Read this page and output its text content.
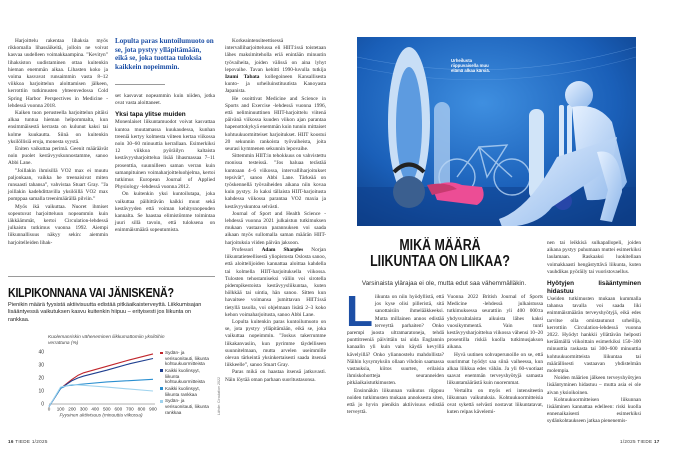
Harjoittelu rakentaa lihaksia myös rikkomalla lihassäikeitä, jolloin ne voivat kasvaa uudelleen voimakkaampina. ”Kevityn” lihaksiston uudistaminen ottaa kuitenkin hieman enemmän aikaa. Lihasten koko ja voima kasvavat runsaimmin vasta 8–12 viikkoa harjoittelun aloittamisen jälkeen, kerrottiin tutkimusten yhteenvedossa Cold Spring Harbor Perspectives in Medicine -lehdessä vuonna 2018.

Kaiken tuon perusteella harjoittelun pitäisi alkaa tuntua hieman helpommalta, kun ensimmäisestä kerrasta on kulunut kaksi tai kolme kuukautta. Siinä on kuitenkin yksilöllisiä eroja, monesta syystä.

Eniten vaikuttaa perimä. Geenit määräävät noin puolet kestävyyskunnostamme, sanoo Abbi Lane.

”Joillakin ihmisillä VO2 max ei muutu paljonkaan, vaikka he treenaisivat miten runsaasti tahansa”, vahvistaa Stuart Gray. ”Ja joillakin kadehdittavilla yksilöillä VO2 max pomppaa samalla treenimäärällä pilviin.”

Myös ikä vaikuttaa. Nuoret ihmiset sopeutuvat harjoitteluun nopeammin kuin iäkkäämmät, kertoi Circulation-lehdessä julkaistu tutkimus vuonna 1992. Aiempi liikunnallisuus näkyy sekin: aiemmin harjoitelleiden lihak-

Lopulta paras kuntoilumuoto on se, jota pystyy ylläpitämään, eikä se, joka tuottaa tuloksia kaikkein nopeimmin.

set kasvavat nopeammin kuin niiden, jotka ovat vasta aloittaneet.

Yksi tapa ylitse muiden

Monenlaiset liikuntamuodot voivat kasvattaa kuntoa muutamassa kuukaudessa, kunhan treeniä kertyy kolmesta viiteen kertaa viikossa noin 30–60 minuuttia kerrallaan. Esimerkiksi 12 viikkoa pyöräilyn kaltaista kestävyysharjoittelua lisää lihasmassaa 7–11 prosenttia, suunnilleen saman verran kuin samanpituinen voimaharjoitteluohjelma, kertoi tutkimus European Journal of Applied Physiology -lehdessä vuonna 2012.

On kuitenkin yksi kuntoilutapa, joka vaikuttaa päihittävän kaikki muut sekä kestävyyden että voiman kehitysnopeuden kannalta. Se haastaa elimistömme toimintaa juuri sillä tavoin, että tuloksena on enimmäismäärä sopeutumista.

Korkeaintensiteettisessä intervalliharjoittelussa eli HIIT:issä toistetaan lähes maksimiteholla eriä enintään minuutin työvaiheita, joiden välissä on aina lyhyt lepovaihe. Tavan kehitti 1990-luvulla tutkija Izumi Tabata kollegoineen Kansallisesta kunto- ja urheiluinstituutista Kanoyasta Japanista.

He osoittivat Medicine and Science in Sports and Exercise -lehdessä vuonna 1996, että neliminuuttinen HIIT-harjoittelu viitenä päivänä viikossa kuuden viikon ajan parantaa hapenottokykyä enemmän kuin tunnin mittaiset kohtuukuormitteiset harjoitukset. HIIT koostui 20 sekunnin rankoista työvaiheista, joita seurasi kymmenen sekunnin lepovaihe.

Sittemmin HIIT:in tehokkuus on vahvistettu monissa testeissä. ”Jos haluaa terästää kuntoaan 4–6 viikossa, intervalliharjoitukset tepsivät”, sanoo Abbi Lane. Tärkeää on työskennellä työvaiheiden aikana niin kovaa kuin pystyy. Jo kaksi tällaista HIIT-harjoitusta kahdessa viikossa parantaa VO2 maxia ja kestävyyskuntoa selvästi.

Journal of Sport and Health Science -lehdessä vuonna 2021 julkaistun tutkimuksen mukaan vastaavan parannuksen voi saada aikaan myös sullomalla saman määrän HIIT-harjoituksia viiden päivän jaksoon.

Professori Adam Sharples Norjan liikuntatieteellisestä yliopistosta Oslosta sanoo, että aloittelijoiden kannattaa aloittaa kahdella tai kolmella HIIT-harjoituksella viikossa. Tulosten tehostamiseksi väliin voi sirotella pidempikestoista kestävyysliikuntaa, kuten hölkkää tai uintia, hän sanoo. Sitten kun havaitsee voimansa jumittavan HIIT:issä tietyllä tasolla, voi ohjelmaan lisätä 2–3 koko kehon voimaharjoitusta, sanoo Abbi Lane.

Lopulta kuitenkin paras kuntoilumuoto on se, jota pystyy ylläpitämään, eikä se, joka vaikuttaa nopeimmin. ”Joskus takerrumme liikakanvasiin, kun pyrimme täydelliseen suunnitelmaan, mutta arvelen useimmille olevan tärkeintä yksinkertaisesti saada itsensä liikkeelle”, sanoo Stuart Gray.

Paras mikä on haastaa itsensä jatkuvasti. Näin löytää oman parhaan suoritustasonsa.

KILPIKONNANA VAI JÄNISKENÄ?
Pienikin määrä fyysistä aktiivisuutta edistää pitkäaikaisterveyttä. Liikkumisajan lisääntyessä vaikutuksen kasvu kuitenkin hiipuu – erityisesti jos liikunta on rankkaa.
Kuolemanriskin väheneminen liikkumattomiin yksilöihin verrattuna (%)
0
10
20
30
40
0 100 200 300 400 500 600 700 800 900
Fyysinen aktiivisuus (minuuttia viikossa)
Sydän- ja verisuonitauti, liikunta kohtuukuormitteista
Kaikki kuolinsyyt, liikunta kohtuukuormitteista
Kaikki kuolinsyyt, liikunta rankkaa
Sydän- ja verisuonitauti, liikunta rankkaa	Lähde: Circulation 2022
16 TIEDE 1/2025
Urheilusta riippuvaisella muu elämä alkaa kärsiä.
MIKÄ MÄÄRÄ
LIIKUNTAA ON LIIKAA?
Varsinaista ylärajaa ei ole, mutta edut saa vähemmälläkin.

Liikunta on niin hyödyllistä, että jos kyse olisi pilleristä, sitä sanottaisiin ihmelääkkeeksi. Mutta millainen annos edistää terveyttä parhaiten? Onko parempi juosta ultramaratoneja, tehdä punttitreeniä päivittäin tai uida Englannin kanaalin yli kuin vain käydä kevyillä kävelyillä? Onko yliannostelu mahdollista? Näihin kysymyksiin ollaan vihdoin saamassa vastauksia, kiitos suurten, erilaisia ihmiskohortteja seuranneiden pitkäaikaistutkimusten.

Ensinnäkin liikunnan vaikutus riippuu noiden tutkimusten mukaan annoksesta siten, että jo hyvin pienikin aktiivisuus edistää terveyttä.

Vuonna 2022 British Journal of Sports Medicine -lehdessä julkaistussa tutkimuksessa seurattiin yli 400 000:ta yhdysvaltalaista aikuista lähes kaksi vuosikymmentä. Vain tunti kestävyysharjoittelua viikossa vähensi 10–20 prosentilla riskiä kuolla tutkimusjakson aikana.

Hyvä uutinen sohvaperunoille on se, että suurimmat hyödyt saa siinä vaiheessa, kun alkaa liikkua edes vähän. Ja yli 60-vuotiaat saavat enemmän terveyshyötyjä samasta liikuntamäärästä kuin nuoremmat.

Vertailtu on myös eri intensiteetin liikunnan vaikutuksia. Kohtuukuormitteisia ovat sykettä selvästi nostavat liikuntatavat, kuten reipas kävelemi-

nen tai leikkisä sulkapallopeli, joiden aikana pystyy puhumaan muttei esimerkiksi laulamaan. Raskaaksi luokitellaan voimakkaasti hengästyttävä liikunta, kuten vauhdikas pyöräily tai vuoristovaellus.

Hyötyjen lisääntyminen hidastuu

Useiden tutkimusten mukaan kummalla tahansa tavalla voi saada liki enimmäismäärän terveyshyötyjä, eikä edes tarvitse olla omistautunut urheilija, kerrottiin Circulation-lehdessä vuonna 2022. Hyödyt hankkii yllättävän helposti keräämällä viikoittain esimerkiksi 150–300 minuuttia raskasta tai 300–600 minuuttia kohtuukuormitteista liikuntaa tai määrällisesti vastaavan yhdistelmän molempia.

Noiden määrien jälkeen terveyshyötyjen lisääntyminen hidastuu – mutta asia ei ole aivan yksioikoinen.

Kohtuukuormitteisen liikunnan lisääminen kannattaa edelleen: riski kuolla ennenaikaisesti esimerkiksi sydänkohtaukseen jatkaa pienenemis-

1/2025 TIEDE 17
